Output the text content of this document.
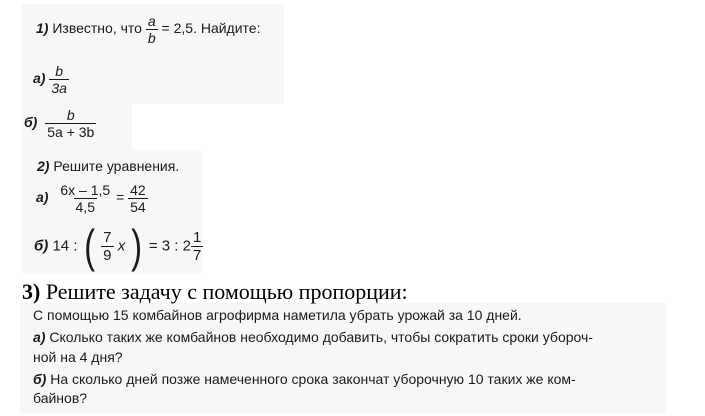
1) Известно, что $\frac{a}{b} = 2,5$. Найдите:
$а) \frac{b}{3a}$
$б) \frac{b}{5a + 3b}$
2) Решите уравнения.
$а) \frac{6x - 1,5}{4,5} = \frac{42}{54}$
б) 14 : ( $\frac{7}{9}$ x ) = 3 : $2 \frac{1}{7}$
3) Решите задачу с помощью пропорции:
С помощью 15 комбайнов агрофирма наметила убрать урожай за 10 дней.
а) Сколько таких же комбайнов необходимо добавить, чтобы сократить сроки убороч-
ной на 4 дня?
б) На сколько дней позже намеченного срока закончат уборочную 10 таких же ком-
байнов?
